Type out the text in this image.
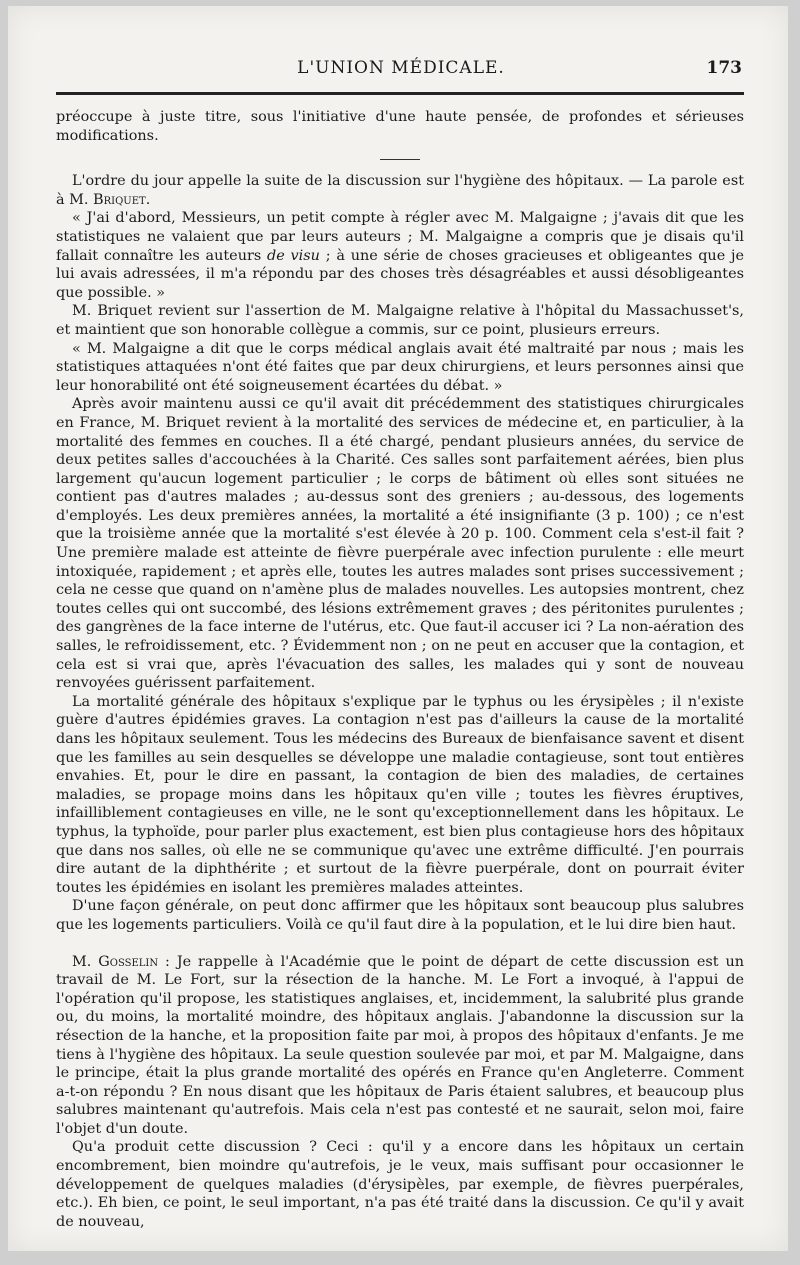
L'UNION MÉDICALE.	173

préoccupe à juste titre, sous l'initiative d'une haute pensée, de profondes et sérieuses modifications.

L'ordre du jour appelle la suite de la discussion sur l'hygiène des hôpitaux. — La parole est à M. Briquet.

« J'ai d'abord, Messieurs, un petit compte à régler avec M. Malgaigne ; j'avais dit que les statistiques ne valaient que par leurs auteurs ; M. Malgaigne a compris que je disais qu'il fallait connaître les auteurs de visu ; à une série de choses gracieuses et obligeantes que je lui avais adressées, il m'a répondu par des choses très désagréables et aussi désobligeantes que possible. »

M. Briquet revient sur l'assertion de M. Malgaigne relative à l'hôpital du Massachusset's, et maintient que son honorable collègue a commis, sur ce point, plusieurs erreurs.

« M. Malgaigne a dit que le corps médical anglais avait été maltraité par nous ; mais les statistiques attaquées n'ont été faites que par deux chirurgiens, et leurs personnes ainsi que leur honorabilité ont été soigneusement écartées du débat. »

Après avoir maintenu aussi ce qu'il avait dit précédemment des statistiques chirurgicales en France, M. Briquet revient à la mortalité des services de médecine et, en particulier, à la mortalité des femmes en couches. Il a été chargé, pendant plusieurs années, du service de deux petites salles d'accouchées à la Charité. Ces salles sont parfaitement aérées, bien plus largement qu'aucun logement particulier ; le corps de bâtiment où elles sont situées ne contient pas d'autres malades ; au-dessus sont des greniers ; au-dessous, des logements d'employés. Les deux premières années, la mortalité a été insignifiante (3 p. 100) ; ce n'est que la troisième année que la mortalité s'est élevée à 20 p. 100. Comment cela s'est-il fait ? Une première malade est atteinte de fièvre puerpérale avec infection purulente : elle meurt intoxiquée, rapidement ; et après elle, toutes les autres malades sont prises successivement ; cela ne cesse que quand on n'amène plus de malades nouvelles. Les autopsies montrent, chez toutes celles qui ont succombé, des lésions extrêmement graves ; des péritonites purulentes ; des gangrènes de la face interne de l'utérus, etc. Que faut-il accuser ici ? La non-aération des salles, le refroidissement, etc. ? Évidemment non ; on ne peut en accuser que la contagion, et cela est si vrai que, après l'évacuation des salles, les malades qui y sont de nouveau renvoyées guérissent parfaitement.

La mortalité générale des hôpitaux s'explique par le typhus ou les érysipèles ; il n'existe guère d'autres épidémies graves. La contagion n'est pas d'ailleurs la cause de la mortalité dans les hôpitaux seulement. Tous les médecins des Bureaux de bienfaisance savent et disent que les familles au sein desquelles se développe une maladie contagieuse, sont tout entières envahies. Et, pour le dire en passant, la contagion de bien des maladies, de certaines maladies, se propage moins dans les hôpitaux qu'en ville ; toutes les fièvres éruptives, infailliblement contagieuses en ville, ne le sont qu'exceptionnellement dans les hôpitaux. Le typhus, la typhoïde, pour parler plus exactement, est bien plus contagieuse hors des hôpitaux que dans nos salles, où elle ne se communique qu'avec une extrême difficulté. J'en pourrais dire autant de la diphthérite ; et surtout de la fièvre puerpérale, dont on pourrait éviter toutes les épidémies en isolant les premières malades atteintes.

D'une façon générale, on peut donc affirmer que les hôpitaux sont beaucoup plus salubres que les logements particuliers. Voilà ce qu'il faut dire à la population, et le lui dire bien haut.

M. Gosselin : Je rappelle à l'Académie que le point de départ de cette discussion est un travail de M. Le Fort, sur la résection de la hanche. M. Le Fort a invoqué, à l'appui de l'opération qu'il propose, les statistiques anglaises, et, incidemment, la salubrité plus grande ou, du moins, la mortalité moindre, des hôpitaux anglais. J'abandonne la discussion sur la résection de la hanche, et la proposition faite par moi, à propos des hôpitaux d'enfants. Je me tiens à l'hygiène des hôpitaux. La seule question soulevée par moi, et par M. Malgaigne, dans le principe, était la plus grande mortalité des opérés en France qu'en Angleterre. Comment a-t-on répondu ? En nous disant que les hôpitaux de Paris étaient salubres, et beaucoup plus salubres maintenant qu'autrefois. Mais cela n'est pas contesté et ne saurait, selon moi, faire l'objet d'un doute.

Qu'a produit cette discussion ? Ceci : qu'il y a encore dans les hôpitaux un certain encombrement, bien moindre qu'autrefois, je le veux, mais suffisant pour occasionner le développement de quelques maladies (d'érysipèles, par exemple, de fièvres puerpérales, etc.). Eh bien, ce point, le seul important, n'a pas été traité dans la discussion. Ce qu'il y avait de nouveau,
